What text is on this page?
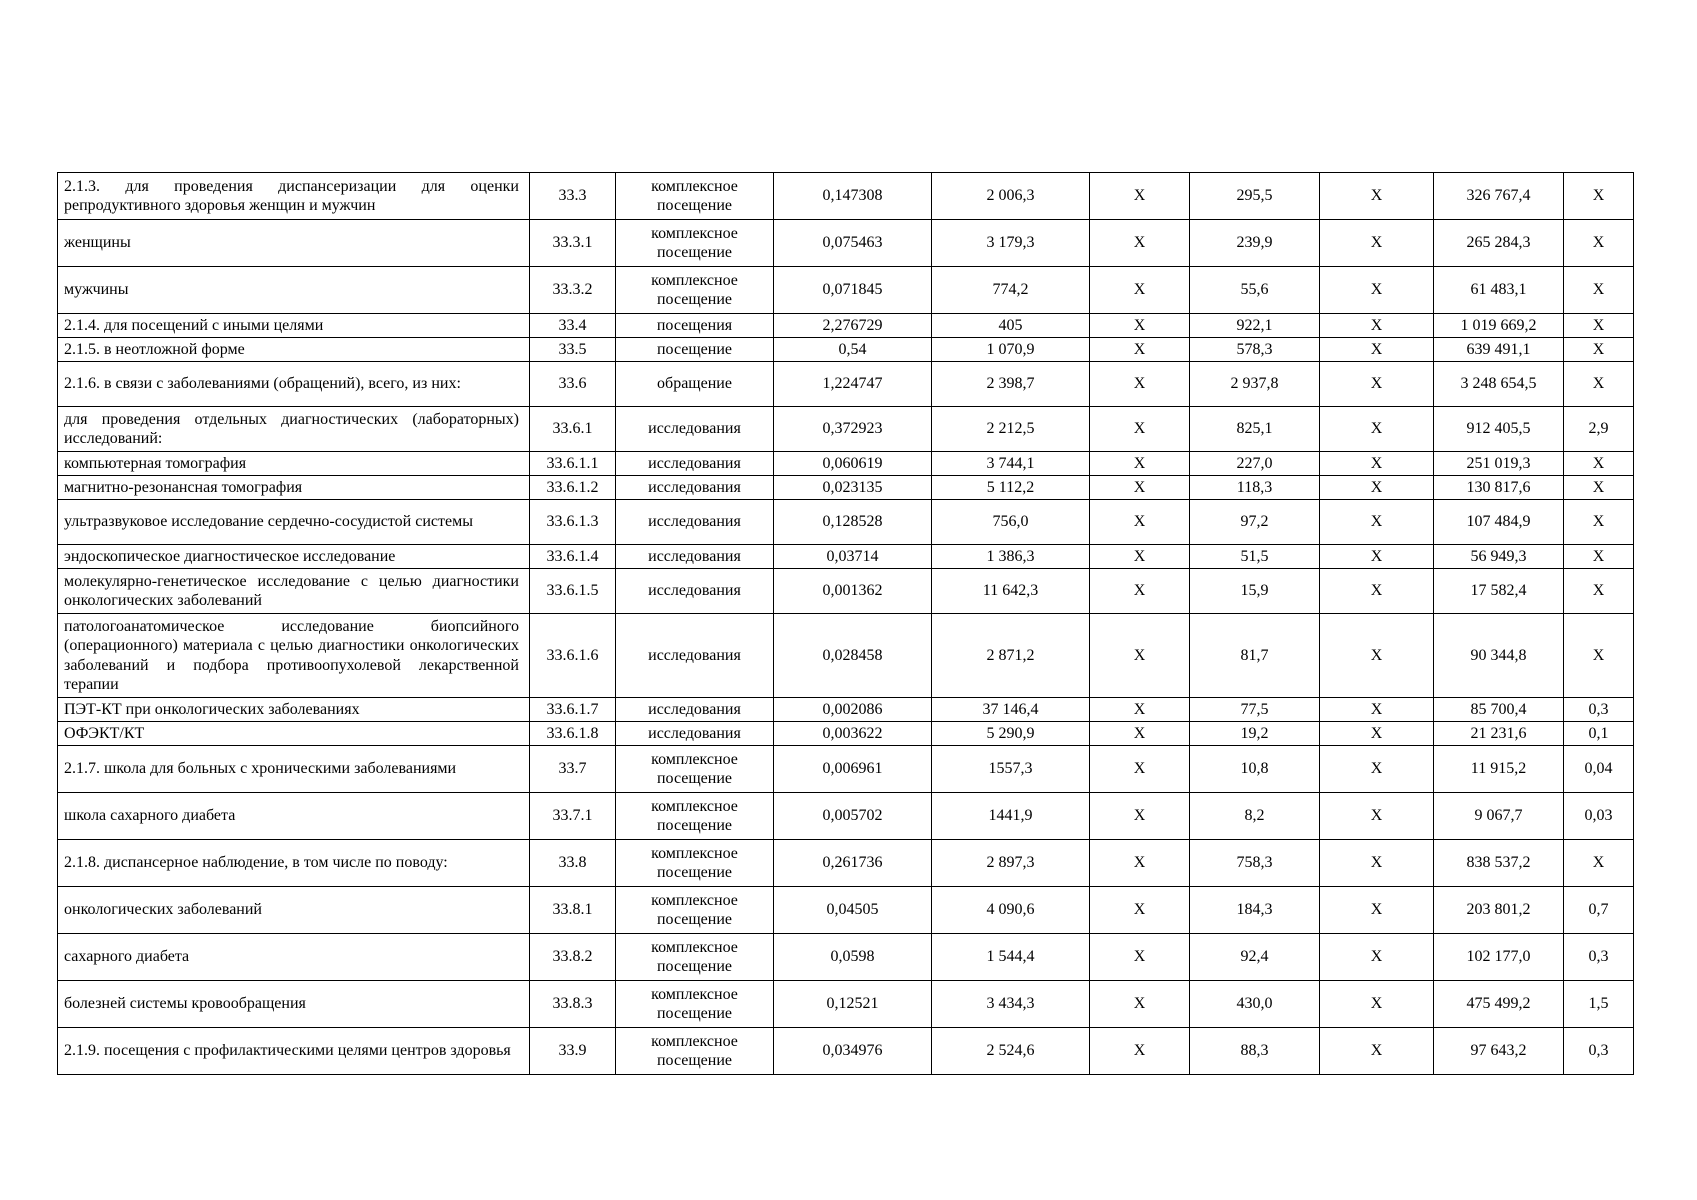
2.1.3. для проведения диспансеризации для оценки репродуктивного здоровья женщин и мужчин	33.3	комплексное посещение	0,147308	2 006,3	Х	295,5	Х	326 767,4	Х
женщины	33.3.1	комплексное посещение	0,075463	3 179,3	Х	239,9	Х	265 284,3	Х
мужчины	33.3.2	комплексное посещение	0,071845	774,2	Х	55,6	Х	61 483,1	Х
2.1.4. для посещений с иными целями	33.4	посещения	2,276729	405	Х	922,1	Х	1 019 669,2	Х
2.1.5. в неотложной форме	33.5	посещение	0,54	1 070,9	Х	578,3	Х	639 491,1	Х
2.1.6. в связи с заболеваниями (обращений), всего, из них:	33.6	обращение	1,224747	2 398,7	Х	2 937,8	Х	3 248 654,5	Х
для проведения отдельных диагностических (лабораторных) исследований:	33.6.1	исследования	0,372923	2 212,5	Х	825,1	Х	912 405,5	2,9
компьютерная томография	33.6.1.1	исследования	0,060619	3 744,1	Х	227,0	Х	251 019,3	Х
магнитно-резонансная томография	33.6.1.2	исследования	0,023135	5 112,2	Х	118,3	Х	130 817,6	Х
ультразвуковое исследование сердечно-сосудистой системы	33.6.1.3	исследования	0,128528	756,0	Х	97,2	Х	107 484,9	Х
эндоскопическое диагностическое исследование	33.6.1.4	исследования	0,03714	1 386,3	Х	51,5	Х	56 949,3	Х
молекулярно-генетическое исследование с целью диагностики онкологических заболеваний	33.6.1.5	исследования	0,001362	11 642,3	Х	15,9	Х	17 582,4	Х
патологоанатомическое исследование биопсийного (операционного) материала с целью диагностики онкологических заболеваний и подбора противоопухолевой лекарственной терапии	33.6.1.6	исследования	0,028458	2 871,2	Х	81,7	Х	90 344,8	Х
ПЭТ-КТ при онкологических заболеваниях	33.6.1.7	исследования	0,002086	37 146,4	Х	77,5	Х	85 700,4	0,3
ОФЭКТ/КТ	33.6.1.8	исследования	0,003622	5 290,9	Х	19,2	Х	21 231,6	0,1
2.1.7. школа для больных с хроническими заболеваниями	33.7	комплексное посещение	0,006961	1557,3	Х	10,8	Х	11 915,2	0,04
школа сахарного диабета	33.7.1	комплексное посещение	0,005702	1441,9	Х	8,2	Х	9 067,7	0,03
2.1.8. диспансерное наблюдение, в том числе по поводу:	33.8	комплексное посещение	0,261736	2 897,3	Х	758,3	Х	838 537,2	Х
онкологических заболеваний	33.8.1	комплексное посещение	0,04505	4 090,6	Х	184,3	Х	203 801,2	0,7
сахарного диабета	33.8.2	комплексное посещение	0,0598	1 544,4	Х	92,4	Х	102 177,0	0,3
болезней системы кровообращения	33.8.3	комплексное посещение	0,12521	3 434,3	Х	430,0	Х	475 499,2	1,5
2.1.9. посещения с профилактическими целями центров здоровья	33.9	комплексное посещение	0,034976	2 524,6	Х	88,3	Х	97 643,2	0,3
